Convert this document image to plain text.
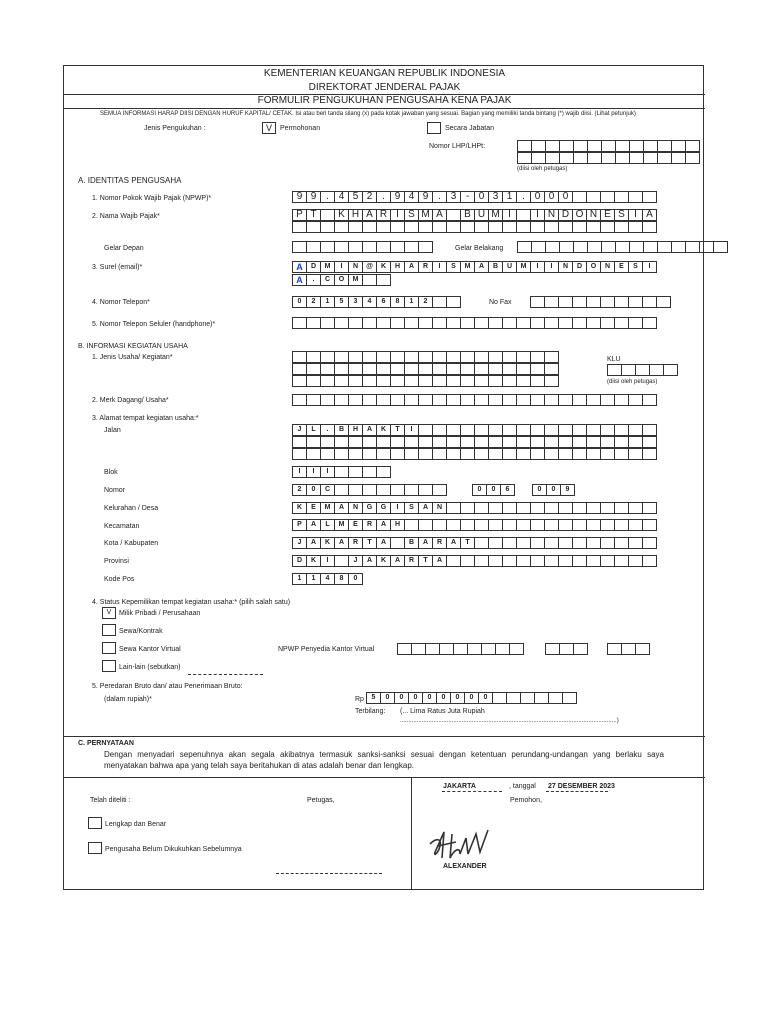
KEMENTERIAN KEUANGAN REPUBLIK INDONESIA
DIREKTORAT JENDERAL PAJAK
FORMULIR PENGUKUHAN PENGUSAHA KENA PAJAK
SEMUA INFORMASI HARAP DIISI DENGAN HURUF KAPITAL/ CETAK. Isi atau beri tanda silang (x) pada kotak jawaban yang sesuai. Bagian yang memiliki tanda bintang (*) wajib diisi. (Lihat petunjuk)
Jenis Pengukuhan :	V	Permohonan	Secara Jabatan
Nomor LHP/LHPt:
(diisi oleh petugas)
A. IDENTITAS PENGUSAHA
1. Nomor Pokok Wajib Pajak (NPWP)*	9 9 . 4 5 2 . 9 4 9 . 3 - 0 3 1 . 0 0 0
2. Nama Wajib Pajak*	P T	K H A R I S M A	B U M I	I N D O N E S I A
Gelar Depan	Gelar Belakang
3. Surel (email)*	A	D	M	I	N	@	K	H	A	R	I	S	M	A	B	U	M	I	I	N	D	O	N	E	S	I
A	.	C	O	M
4. Nomor Telepon*	0	2	1	5	3	4	6	8	1	2	No Fax
5. Nomor Telepon Seluler (handphone)*
B. INFORMASI KEGIATAN USAHA
1. Jenis Usaha/ Kegiatan*	KLU
(diisi oleh petugas)
2. Merk Dagang/ Usaha*
3. Alamat tempat kegiatan usaha:*
Jalan	J	L	.	B	H	A	K	T	I
Blok	I	I	I
Nomor	2	0	C	0	0	6	0	0	9
Kelurahan / Desa	K	E	M	A	N	G	G	I	S	A	N
Kecamatan	P	A	L	M	E	R	A	H
Kota / Kabupaten	J	A	K	A	R	T	A	B	A	R	A	T
Provinsi	D	K	I	J	A	K	A	R	T	A
Kode Pos	1	1	4	8	0
4. Status Kepemilikan tempat kegiatan usaha:* (pilih salah satu)
V	Milik Pribadi / Perusahaan
Sewa/Kontrak
Sewa Kantor Virtual	NPWP Penyedia Kantor Virtual
Lain-lain (sebutkan)
5. Peredaran Bruto dan/ atau Penerimaan Bruto:
(dalam rupiah)*	Rp	5	0	0	0	0	0	0	0	0
Terbilang: (... Lima Ratus Juta Rupiah
..................................................................................................................................)
C. PERNYATAAN
Dengan menyadari sepenuhnya akan segala akibatnya termasuk sanksi-sanksi sesuai dengan ketentuan perundang-undangan yang berlaku saya menyatakan bahwa apa yang telah saya beritahukan di atas adalah benar dan lengkap.
Telah diteliti :	Petugas,
Lengkap dan Benar
Pengusaha Belum Dikukuhkan Sebelumnya
JAKARTA	, tanggal 27 DESEMBER 2023
Pemohon,
ALEXANDER
